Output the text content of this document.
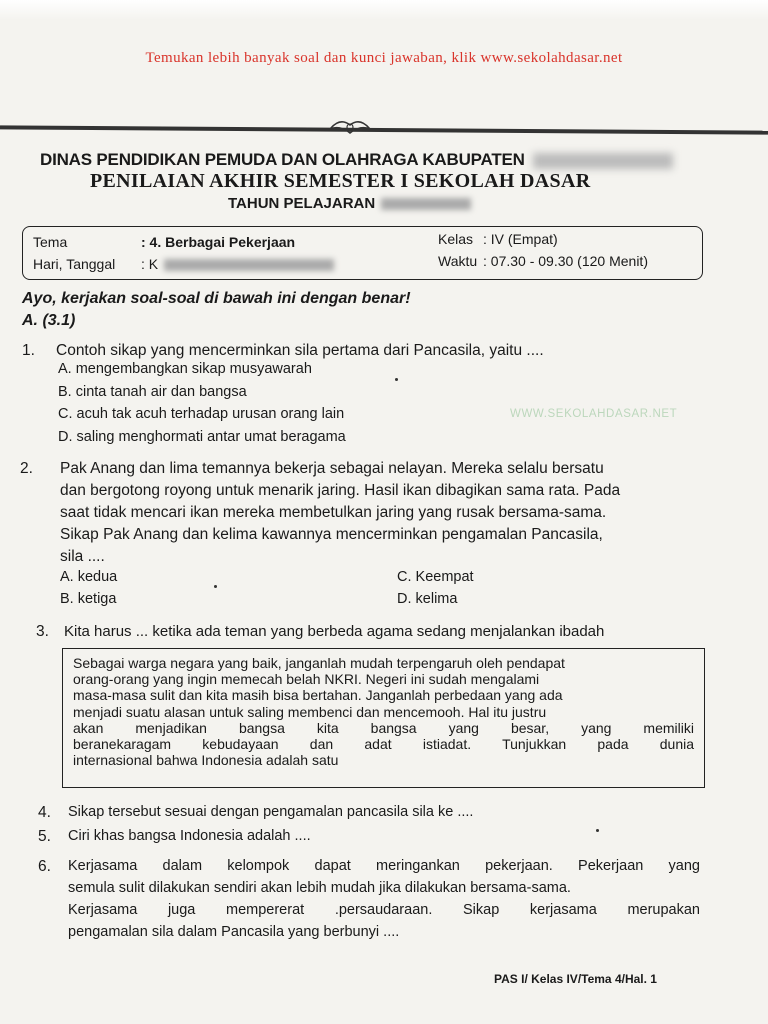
Temukan lebih banyak soal dan kunci jawaban, klik www.sekolahdasar.net
DINAS PENDIDIKAN PEMUDA DAN OLAHRAGA KABUPATEN
PENILAIAN AKHIR SEMESTER I SEKOLAH DASAR
TAHUN PELAJARAN
Tema	: 4. Berbagai Pekerjaan
Hari, Tanggal : K
Kelas : IV (Empat)
Waktu : 07.30 - 09.30 (120 Menit)
Ayo, kerjakan soal-soal di bawah ini dengan benar!
A. (3.1)
1. Contoh sikap yang mencerminkan sila pertama dari Pancasila, yaitu ....
A. mengembangkan sikap musyawarah
B. cinta tanah air dan bangsa
C. acuh tak acuh terhadap urusan orang lain
D. saling menghormati antar umat beragama
WWW.SEKOLAHDASAR.NET
2. Pak Anang dan lima temannya bekerja sebagai nelayan. Mereka selalu bersatu
dan bergotong royong untuk menarik jaring. Hasil ikan dibagikan sama rata. Pada
saat tidak mencari ikan mereka membetulkan jaring yang rusak bersama-sama.
Sikap Pak Anang dan kelima kawannya mencerminkan pengamalan Pancasila,
sila ....
A. kedua
B. ketiga
C. Keempat
D. kelima
3. Kita harus ... ketika ada teman yang berbeda agama sedang menjalankan ibadah
Sebagai warga negara yang baik, janganlah mudah terpengaruh oleh pendapat
orang-orang yang ingin memecah belah NKRI. Negeri ini sudah mengalami
masa-masa sulit dan kita masih bisa bertahan. Janganlah perbedaan yang ada
menjadi suatu alasan untuk saling membenci dan mencemooh. Hal itu justru
akan menjadikan bangsa kita bangsa yang besar, yang memiliki
beranekaragam kebudayaan dan adat istiadat. Tunjukkan pada dunia
internasional bahwa Indonesia adalah satu
4. Sikap tersebut sesuai dengan pengamalan pancasila sila ke ....
5. Ciri khas bangsa Indonesia adalah ....
6. Kerjasama dalam kelompok dapat meringankan pekerjaan. Pekerjaan yang
semula sulit dilakukan sendiri akan lebih mudah jika dilakukan bersama-sama.
Kerjasama juga mempererat .persaudaraan. Sikap kerjasama merupakan
pengamalan sila dalam Pancasila yang berbunyi ....
PAS I/ Kelas IV/Tema 4/Hal. 1
